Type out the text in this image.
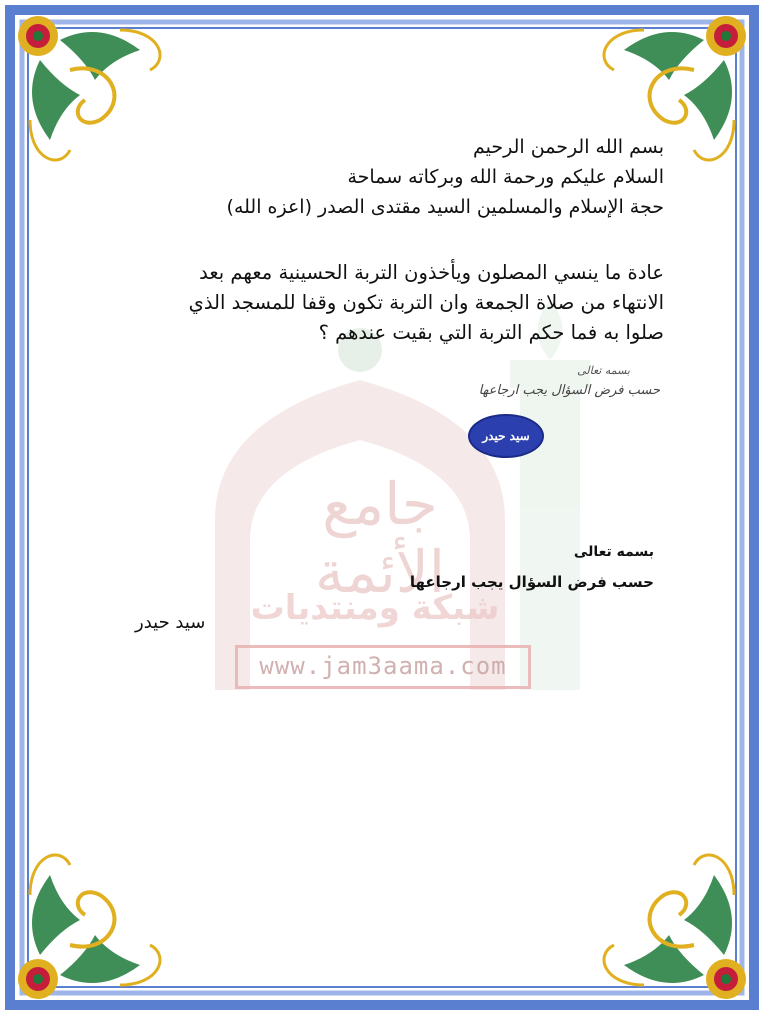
جامع الأئمة
شبكة ومنتديات
www.jam3aama.com
بسم الله الرحمن الرحيم
السلام عليكم ورحمة الله وبركاته سماحة
حجة الإسلام والمسلمين السيد مقتدى الصدر (اعزه الله)
عادة ما ينسي المصلون ويأخذون التربة الحسينية معهم بعد
الانتهاء من صلاة الجمعة وان التربة تكون وقفا للمسجد الذي
صلوا به فما حكم التربة التي بقيت عندهم ؟
بسمه تعالى
حسب فرض السؤال يجب ارجاعها
سيد حيدر
بسمه تعالى
حسب فرض السؤال يجب ارجاعها
سيد حيدر
